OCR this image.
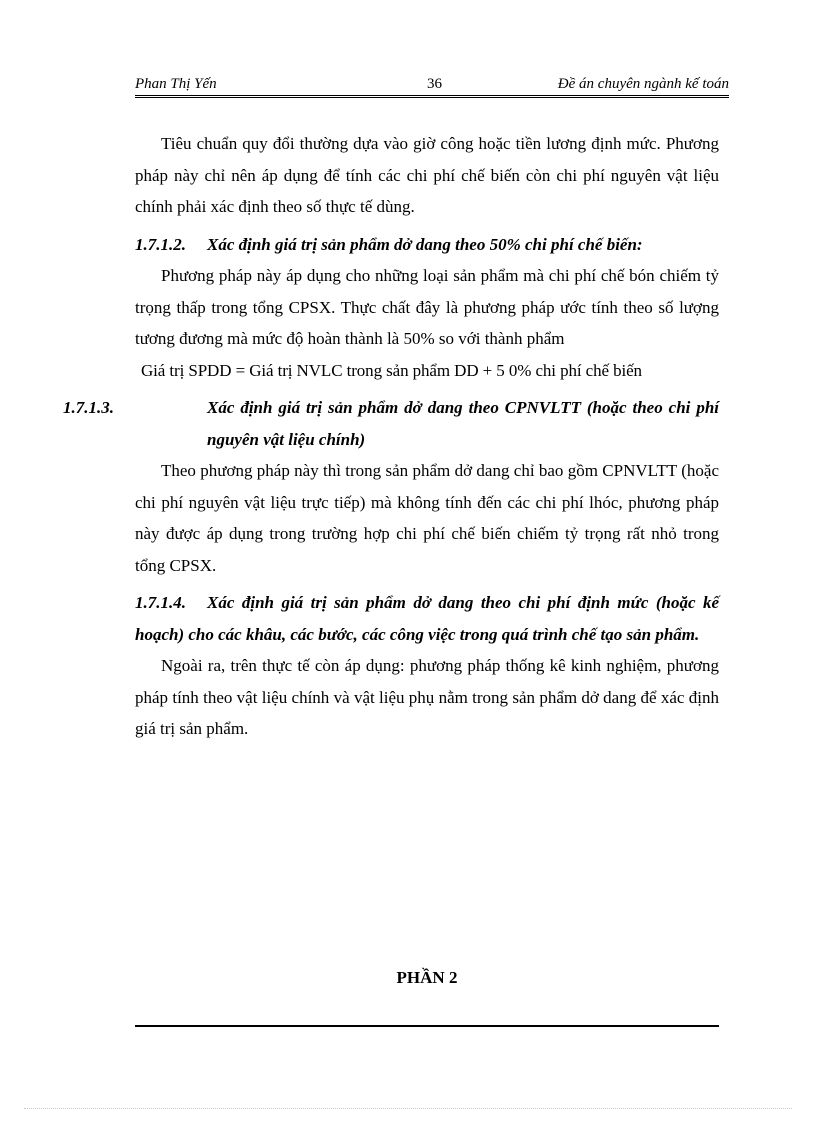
Phan Thị Yến	36	Đề án chuyên ngành kế toán

Tiêu chuẩn quy đổi thường dựa vào giờ công hoặc tiền lương định mức. Phương pháp này chỉ nên áp dụng để tính các chi phí chế biến còn chi phí nguyên vật liệu chính phải xác định theo số thực tế dùng.

1.7.1.2. Xác định giá trị sản phẩm dở dang theo 50% chi phí chế biến:

Phương pháp này áp dụng cho những loại sản phẩm mà chi phí chế bón chiếm tỷ trọng thấp trong tổng CPSX. Thực chất đây là phương pháp ước tính theo số lượng tương đương mà mức độ hoàn thành là 50% so với thành phẩm

Giá trị SPDD = Giá trị NVLC trong sản phẩm DD + 5 0% chi phí chế biến

1.7.1.3.	Xác định giá trị sản phẩm dở dang theo CPNVLTT (hoặc theo chi phí nguyên vật liệu chính)

Theo phương pháp này thì trong sản phẩm dở dang chỉ bao gồm CPNVLTT (hoặc chi phí nguyên vật liệu trực tiếp) mà không tính đến các chi phí lhóc, phương pháp này được áp dụng trong trường hợp chi phí chế biến chiếm tỷ trọng rất nhỏ trong tổng CPSX.

1.7.1.4. Xác định giá trị sản phẩm dở dang theo chi phí định mức (hoặc kế hoạch) cho các khâu, các bước, các công việc trong quá trình chế tạo sản phẩm.

Ngoài ra, trên thực tế còn áp dụng: phương pháp thống kê kinh nghiệm, phương pháp tính theo vật liệu chính và vật liệu phụ nằm trong sản phẩm dở dang để xác định giá trị sản phẩm.

PHẦN 2
